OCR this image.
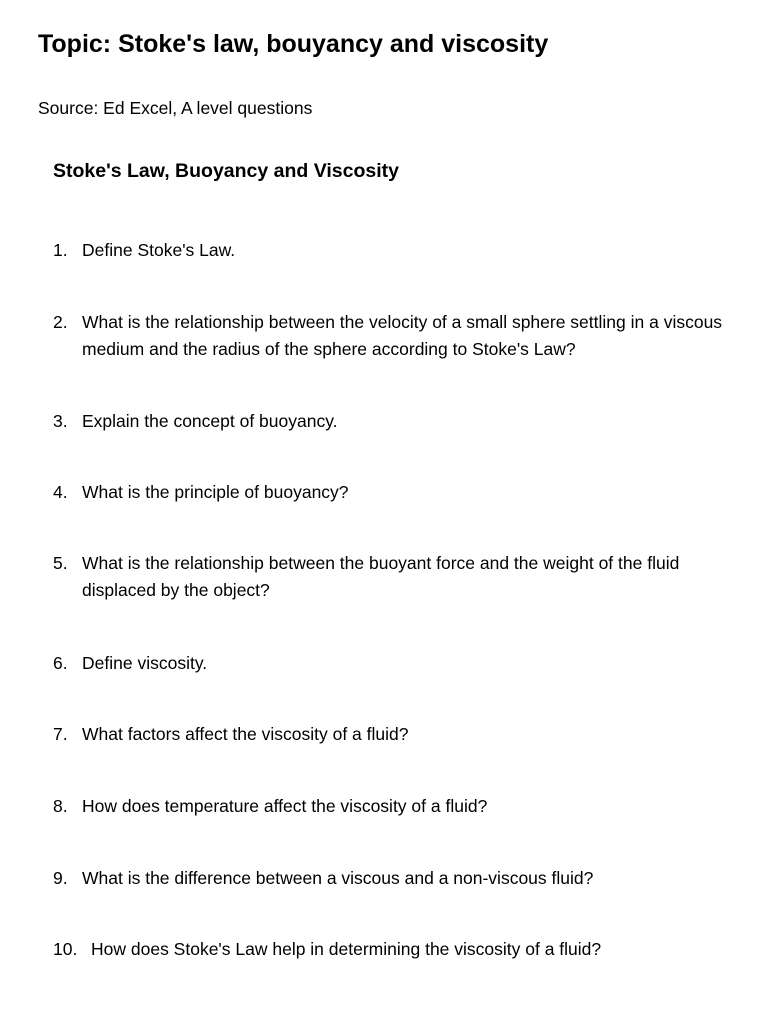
Topic: Stoke's law, bouyancy and viscosity
Source: Ed Excel, A level questions
Stoke's Law, Buoyancy and Viscosity
1. Define Stoke's Law.
2. What is the relationship between the velocity of a small sphere settling in a viscous medium and the radius of the sphere according to Stoke's Law?
3. Explain the concept of buoyancy.
4. What is the principle of buoyancy?
5. What is the relationship between the buoyant force and the weight of the fluid displaced by the object?
6. Define viscosity.
7. What factors affect the viscosity of a fluid?
8. How does temperature affect the viscosity of a fluid?
9. What is the difference between a viscous and a non-viscous fluid?
10. How does Stoke's Law help in determining the viscosity of a fluid?
